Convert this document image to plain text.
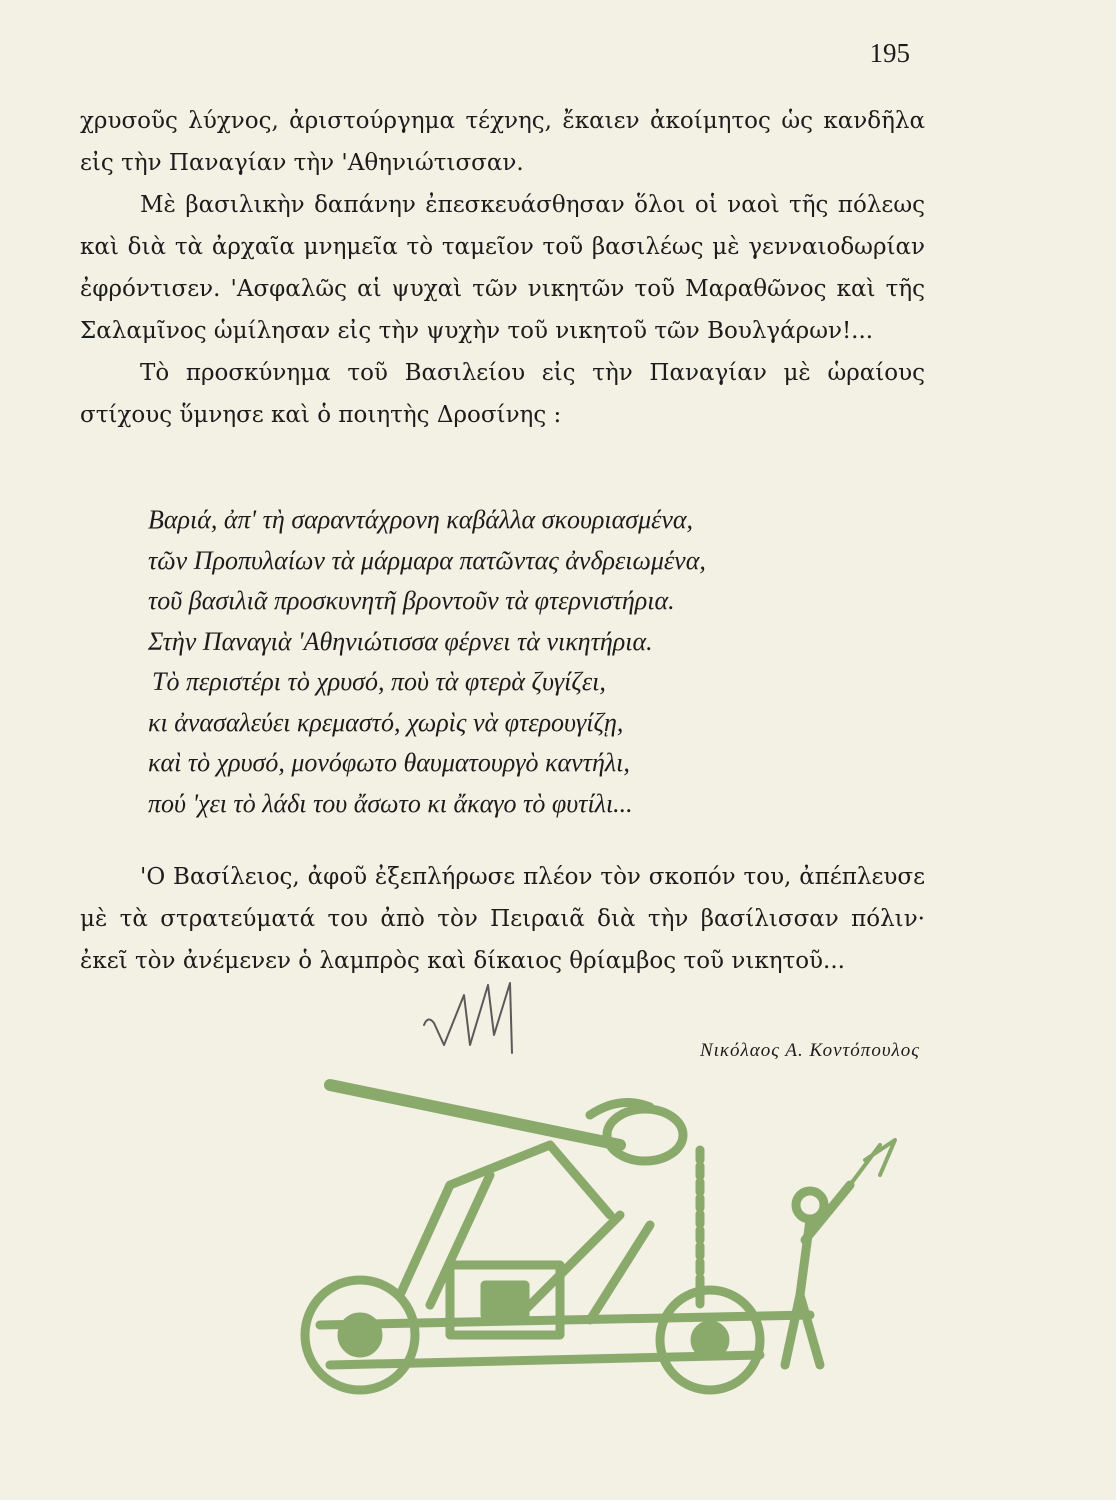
195

χρυσοῦς λύχνος, ἀριστούργημα τέχνης, ἔκαιεν ἀκοίμητος ὡς κανδῆλα εἰς τὴν Παναγίαν τὴν 'Αθηνιώτισσαν.

Μὲ βασιλικὴν δαπάνην ἐπεσκευάσθησαν ὅλοι οἱ ναοὶ τῆς πόλεως καὶ διὰ τὰ ἀρχαῖα μνημεῖα τὸ ταμεῖον τοῦ βασιλέως μὲ γενναιοδωρίαν ἐφρόντισεν. 'Ασφαλῶς αἱ ψυχαὶ τῶν νικητῶν τοῦ Μαραθῶνος καὶ τῆς Σαλαμῖνος ὡμίλησαν εἰς τὴν ψυχὴν τοῦ νικητοῦ τῶν Βουλγάρων!...

Τὸ προσκύνημα τοῦ Βασιλείου εἰς τὴν Παναγίαν μὲ ὡραίους στίχους ὕμνησε καὶ ὁ ποιητὴς Δροσίνης :

Βαριά, ἀπ' τὴ σαραντάχρονη καβάλλα σκουριασμένα,
τῶν Προπυλαίων τὰ μάρμαρα πατῶντας ἀνδρειωμένα,
τοῦ βασιλιᾶ προσκυνητῆ βροντοῦν τὰ φτερνιστήρια.
Στὴν Παναγιὰ 'Αθηνιώτισσα φέρνει τὰ νικητήρια.
Τὸ περιστέρι τὸ χρυσό, ποὺ τὰ φτερὰ ζυγίζει,
κι ἀνασαλεύει κρεμαστό, χωρὶς νὰ φτερουγίζῃ,
καὶ τὸ χρυσό, μονόφωτο θαυματουργὸ καντήλι,
πού 'χει τὸ λάδι του ἄσωτο κι ἄκαγο τὸ φυτίλι...

'Ο Βασίλειος, ἀφοῦ ἐξεπλήρωσε πλέον τὸν σκοπόν του, ἀπέπλευσε μὲ τὰ στρατεύματά του ἀπὸ τὸν Πειραιᾶ διὰ τὴν βασίλισσαν πόλιν· ἐκεῖ τὸν ἀνέμενεν ὁ λαμπρὸς καὶ δίκαιος θρίαμβος τοῦ νικητοῦ...

Νικόλαος Α. Κοντόπουλος
